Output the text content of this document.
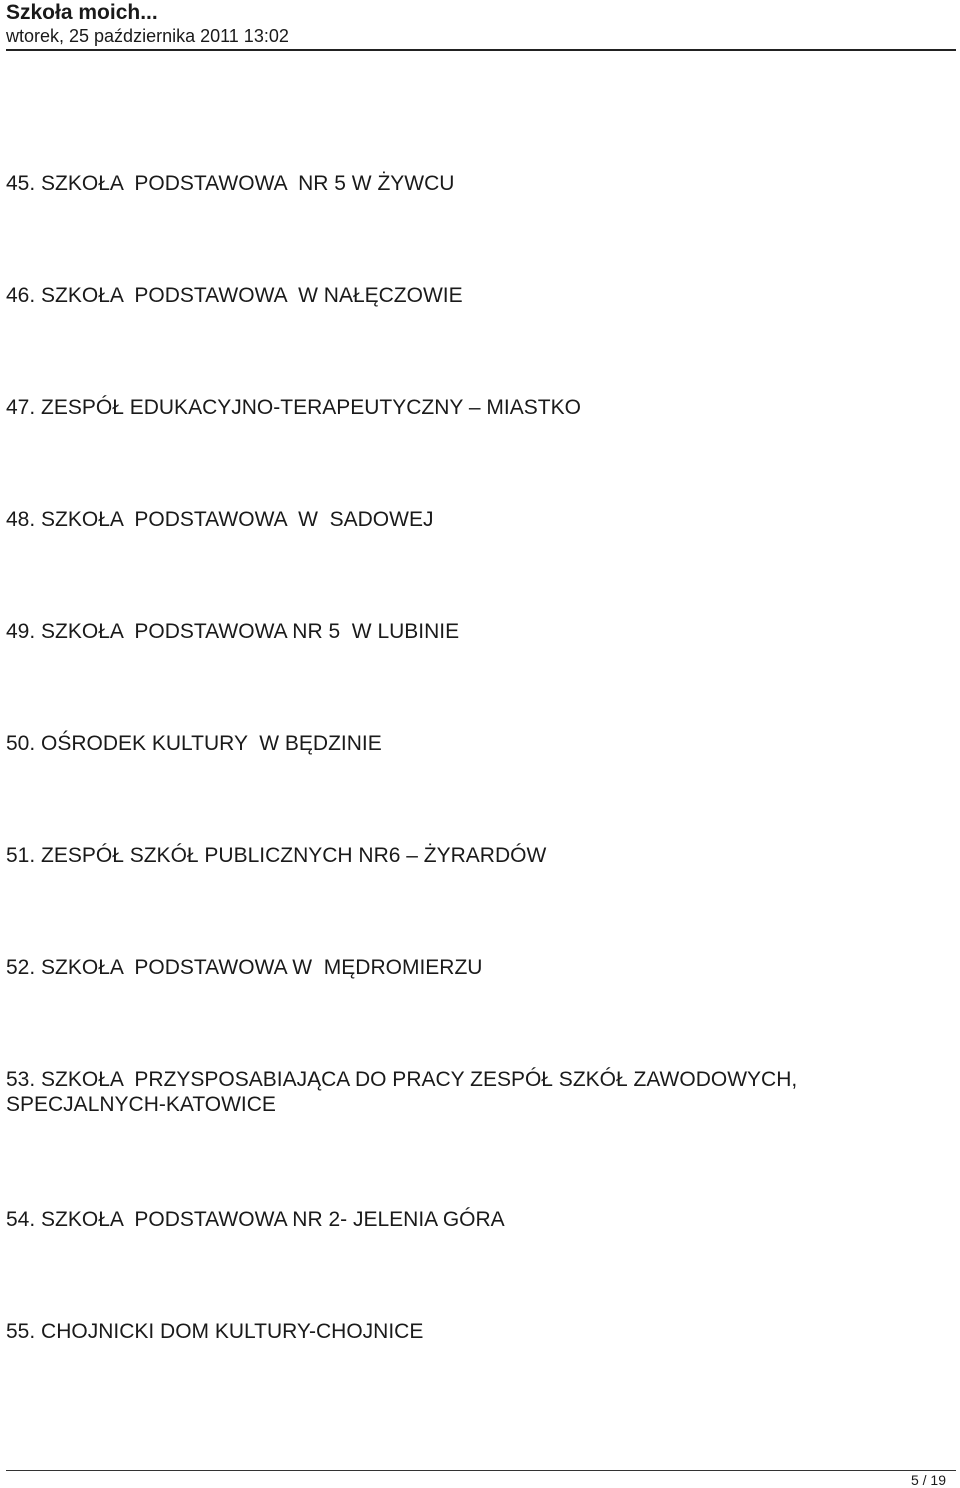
Szkoła moich...
wtorek, 25 października 2011 13:02
45. SZKOŁA  PODSTAWOWA  NR 5 W ŻYWCU
46. SZKOŁA  PODSTAWOWA  W NAŁĘCZOWIE
47. ZESPÓŁ EDUKACYJNO-TERAPEUTYCZNY – MIASTKO
48. SZKOŁA  PODSTAWOWA  W  SADOWEJ
49. SZKOŁA  PODSTAWOWA NR 5  W LUBINIE
50. OŚRODEK KULTURY  W BĘDZINIE
51. ZESPÓŁ SZKÓŁ PUBLICZNYCH NR6 – ŻYRARDÓW
52. SZKOŁA  PODSTAWOWA W  MĘDROMIERZU
53. SZKOŁA  PRZYSPOSABIAJĄCA DO PRACY ZESPÓŁ SZKÓŁ ZAWODOWYCH, SPECJALNYCH-KATOWICE
54. SZKOŁA  PODSTAWOWA NR 2- JELENIA GÓRA
55. CHOJNICKI DOM KULTURY-CHOJNICE
5 / 19
